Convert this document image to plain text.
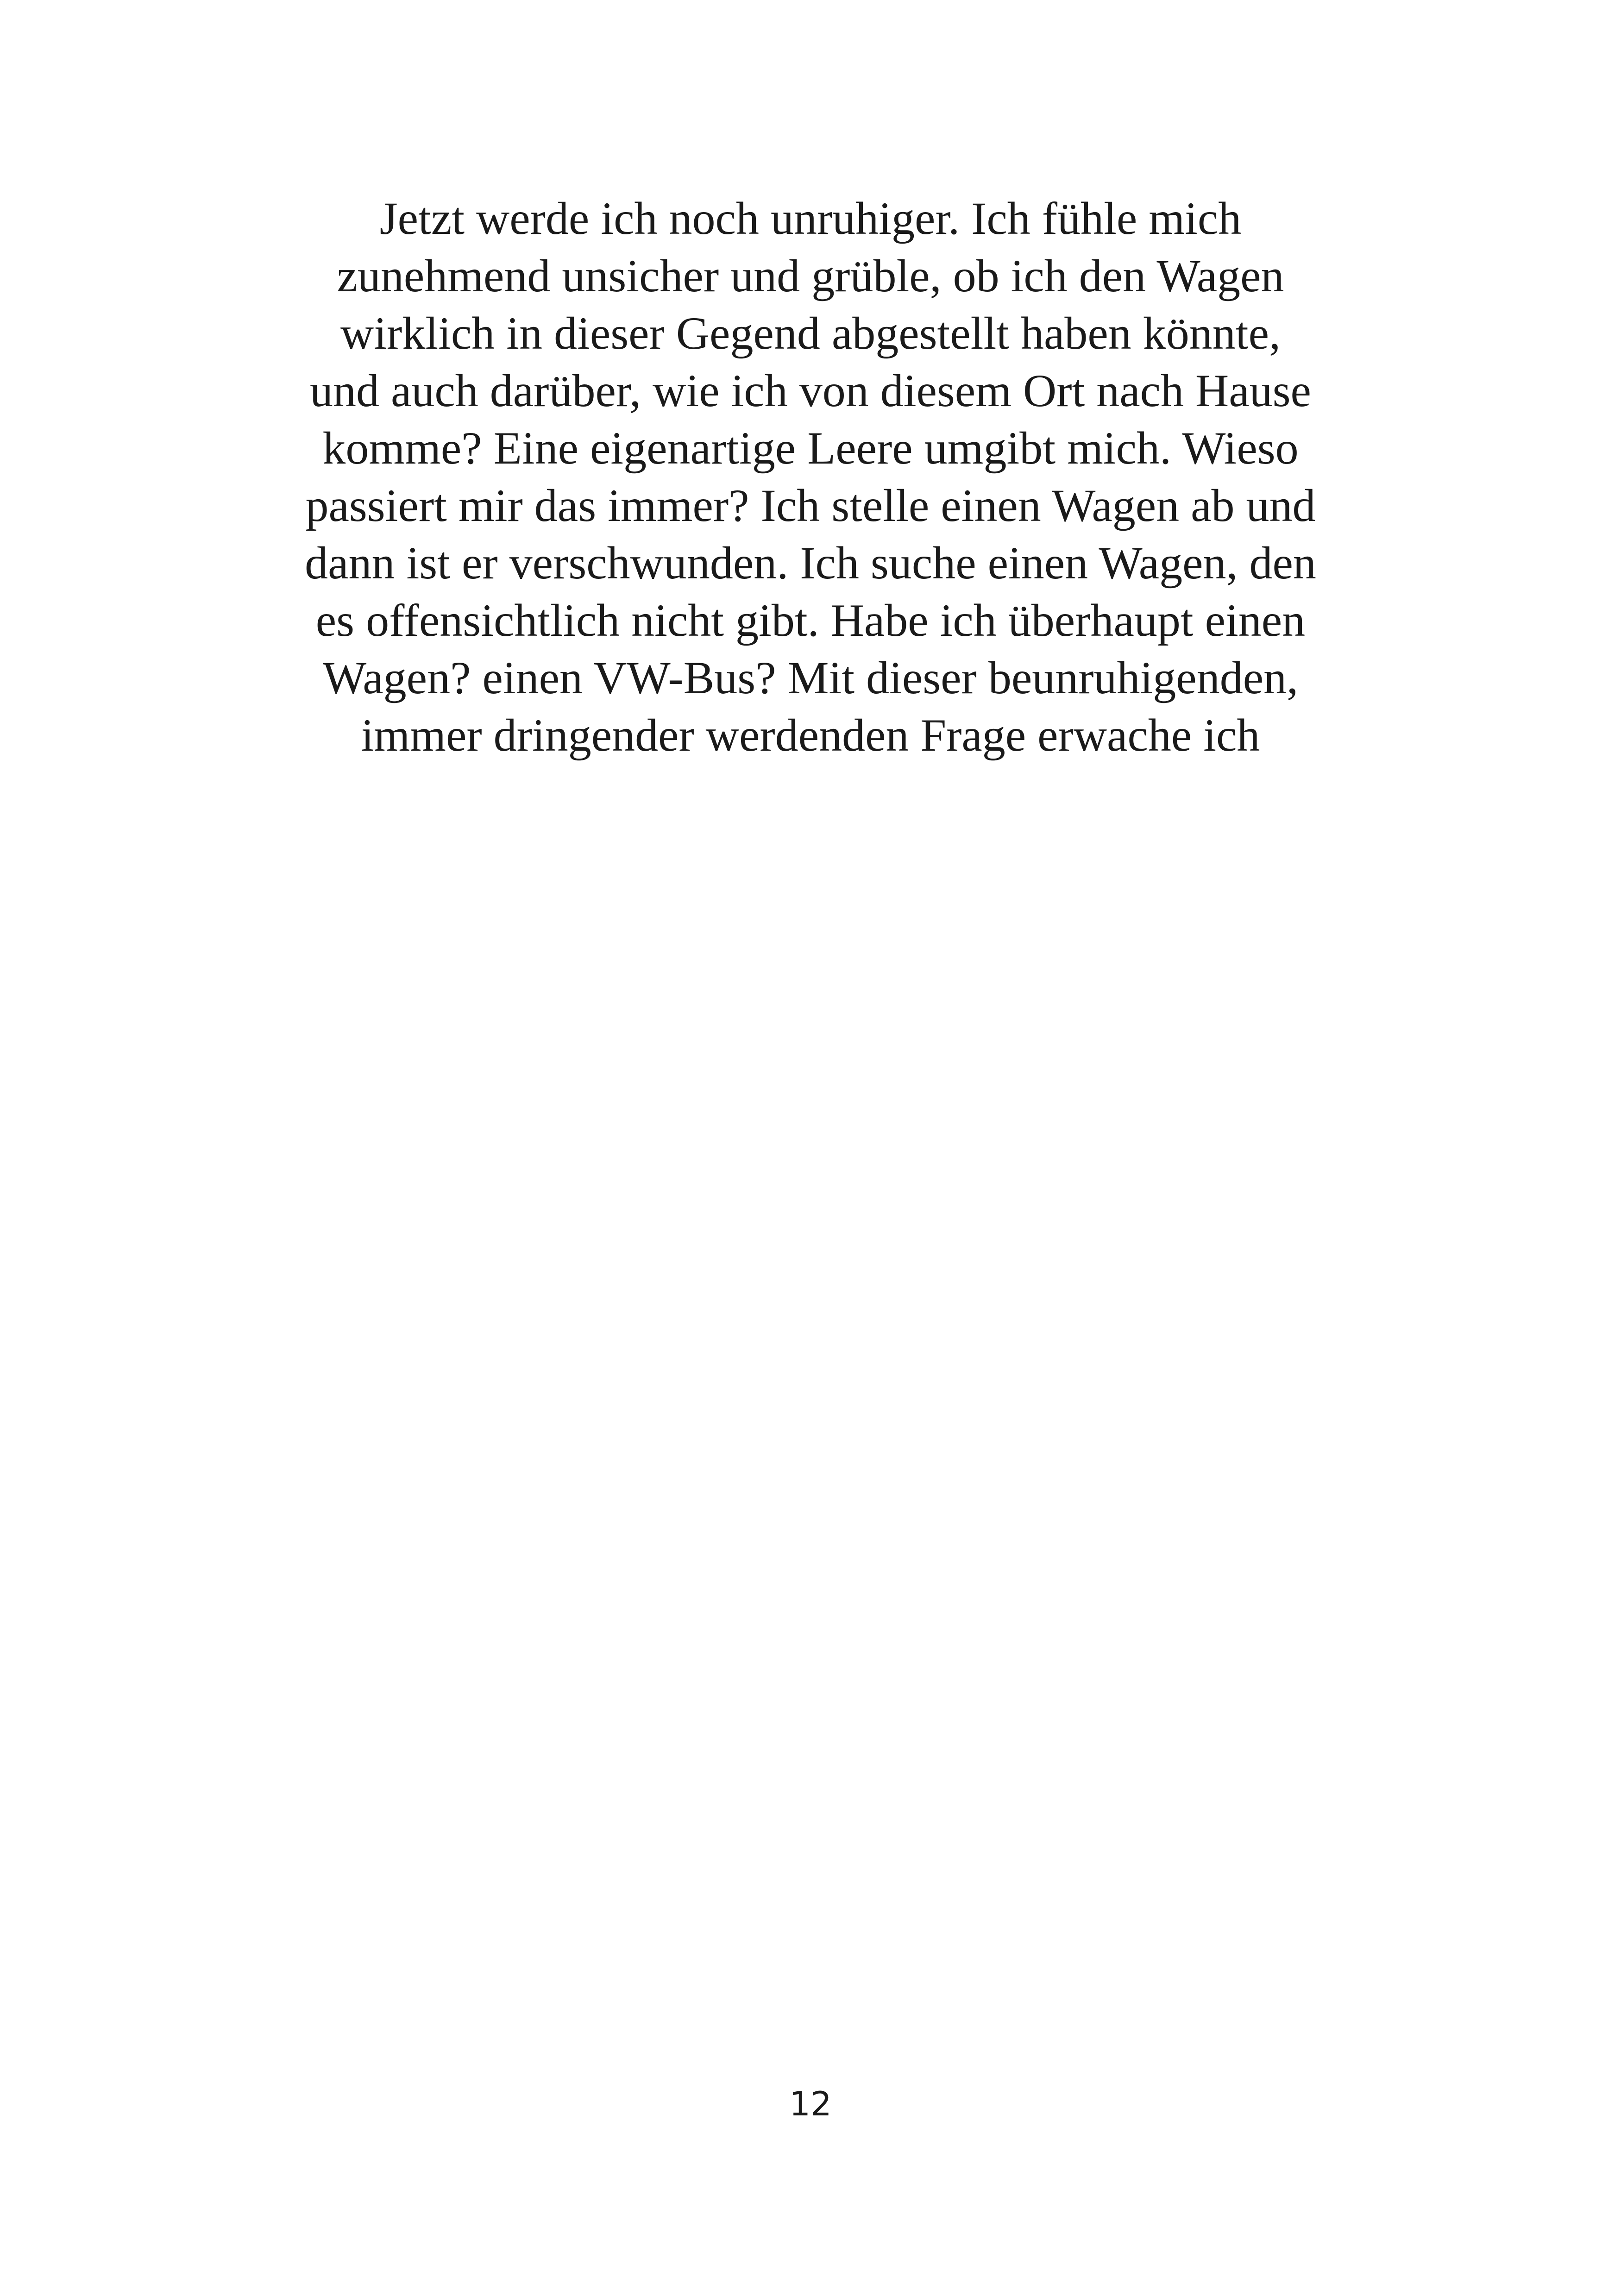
Jetzt werde ich noch unruhiger. Ich fühle mich
zunehmend unsicher und grüble, ob ich den Wagen
wirklich in dieser Gegend abgestellt haben könnte,
und auch darüber, wie ich von diesem Ort nach Hause
komme? Eine eigenartige Leere umgibt mich. Wieso
passiert mir das immer? Ich stelle einen Wagen ab und
dann ist er verschwunden. Ich suche einen Wagen, den
es offensichtlich nicht gibt. Habe ich überhaupt einen
Wagen? einen VW-Bus? Mit dieser beunruhigenden,
immer dringender werdenden Frage erwache ich

12
